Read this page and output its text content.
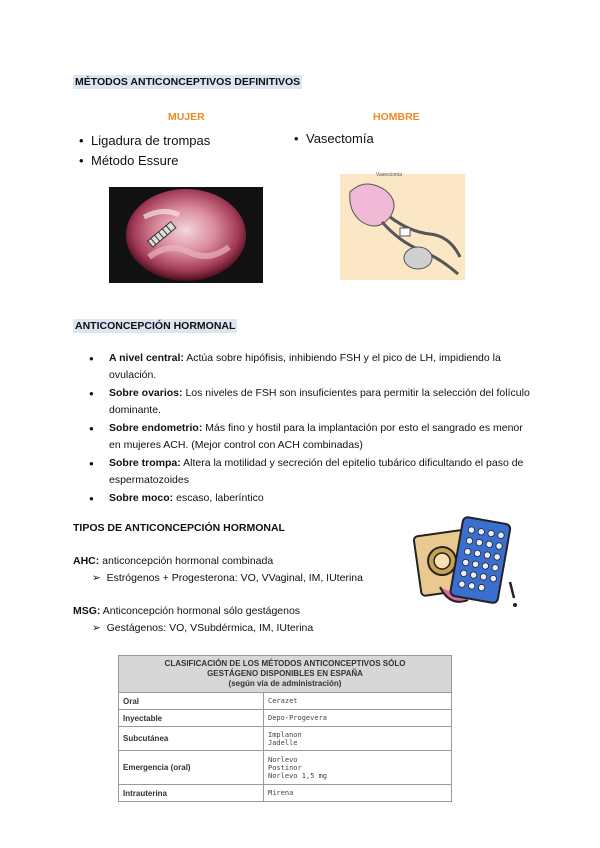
MÉTODOS ANTICONCEPTIVOS DEFINITIVOS
MUJER	HOMBRE
• Ligadura de trompas
• Método Essure
• Vasectomía
Vasectomía
ANTICONCEPCIÓN HORMONAL
● A nivel central: Actúa sobre hipófisis, inhibiendo FSH y el pico de LH, impidiendo la ovulación.
● Sobre ovarios: Los niveles de FSH son insuficientes para permitir la selección del folículo dominante.
● Sobre endometrio: Más fino y hostil para la implantación por esto el sangrado es menor en mujeres ACH. (Mejor control con ACH combinadas)
● Sobre trompa: Altera la motilidad y secreción del epitelio tubárico dificultando el paso de espermatozoides
● Sobre moco: escaso, laberíntico
TIPOS DE ANTICONCEPCIÓN HORMONAL
AHC: anticoncepción hormonal combinada
➢  Estrógenos + Progesterona: VO, VVaginal, IM, IUterina
MSG: Anticoncepción hormonal sólo gestágenos
➢  Gestágenos: VO, VSubdérmica, IM, IUterina
CLASIFICACIÓN DE LOS MÉTODOS ANTICONCEPTIVOS SÓLO
GESTÁGENO DISPONIBLES EN ESPAÑA
(según vía de administración)	

Oral	Cerazet
Inyectable	Depo-Progevera
Subcutánea	Implanon
Jadelle
Emergencia (oral)	Norlevo
Postinor
Norlevo 1,5 mg
Intrauterina	Mirena
